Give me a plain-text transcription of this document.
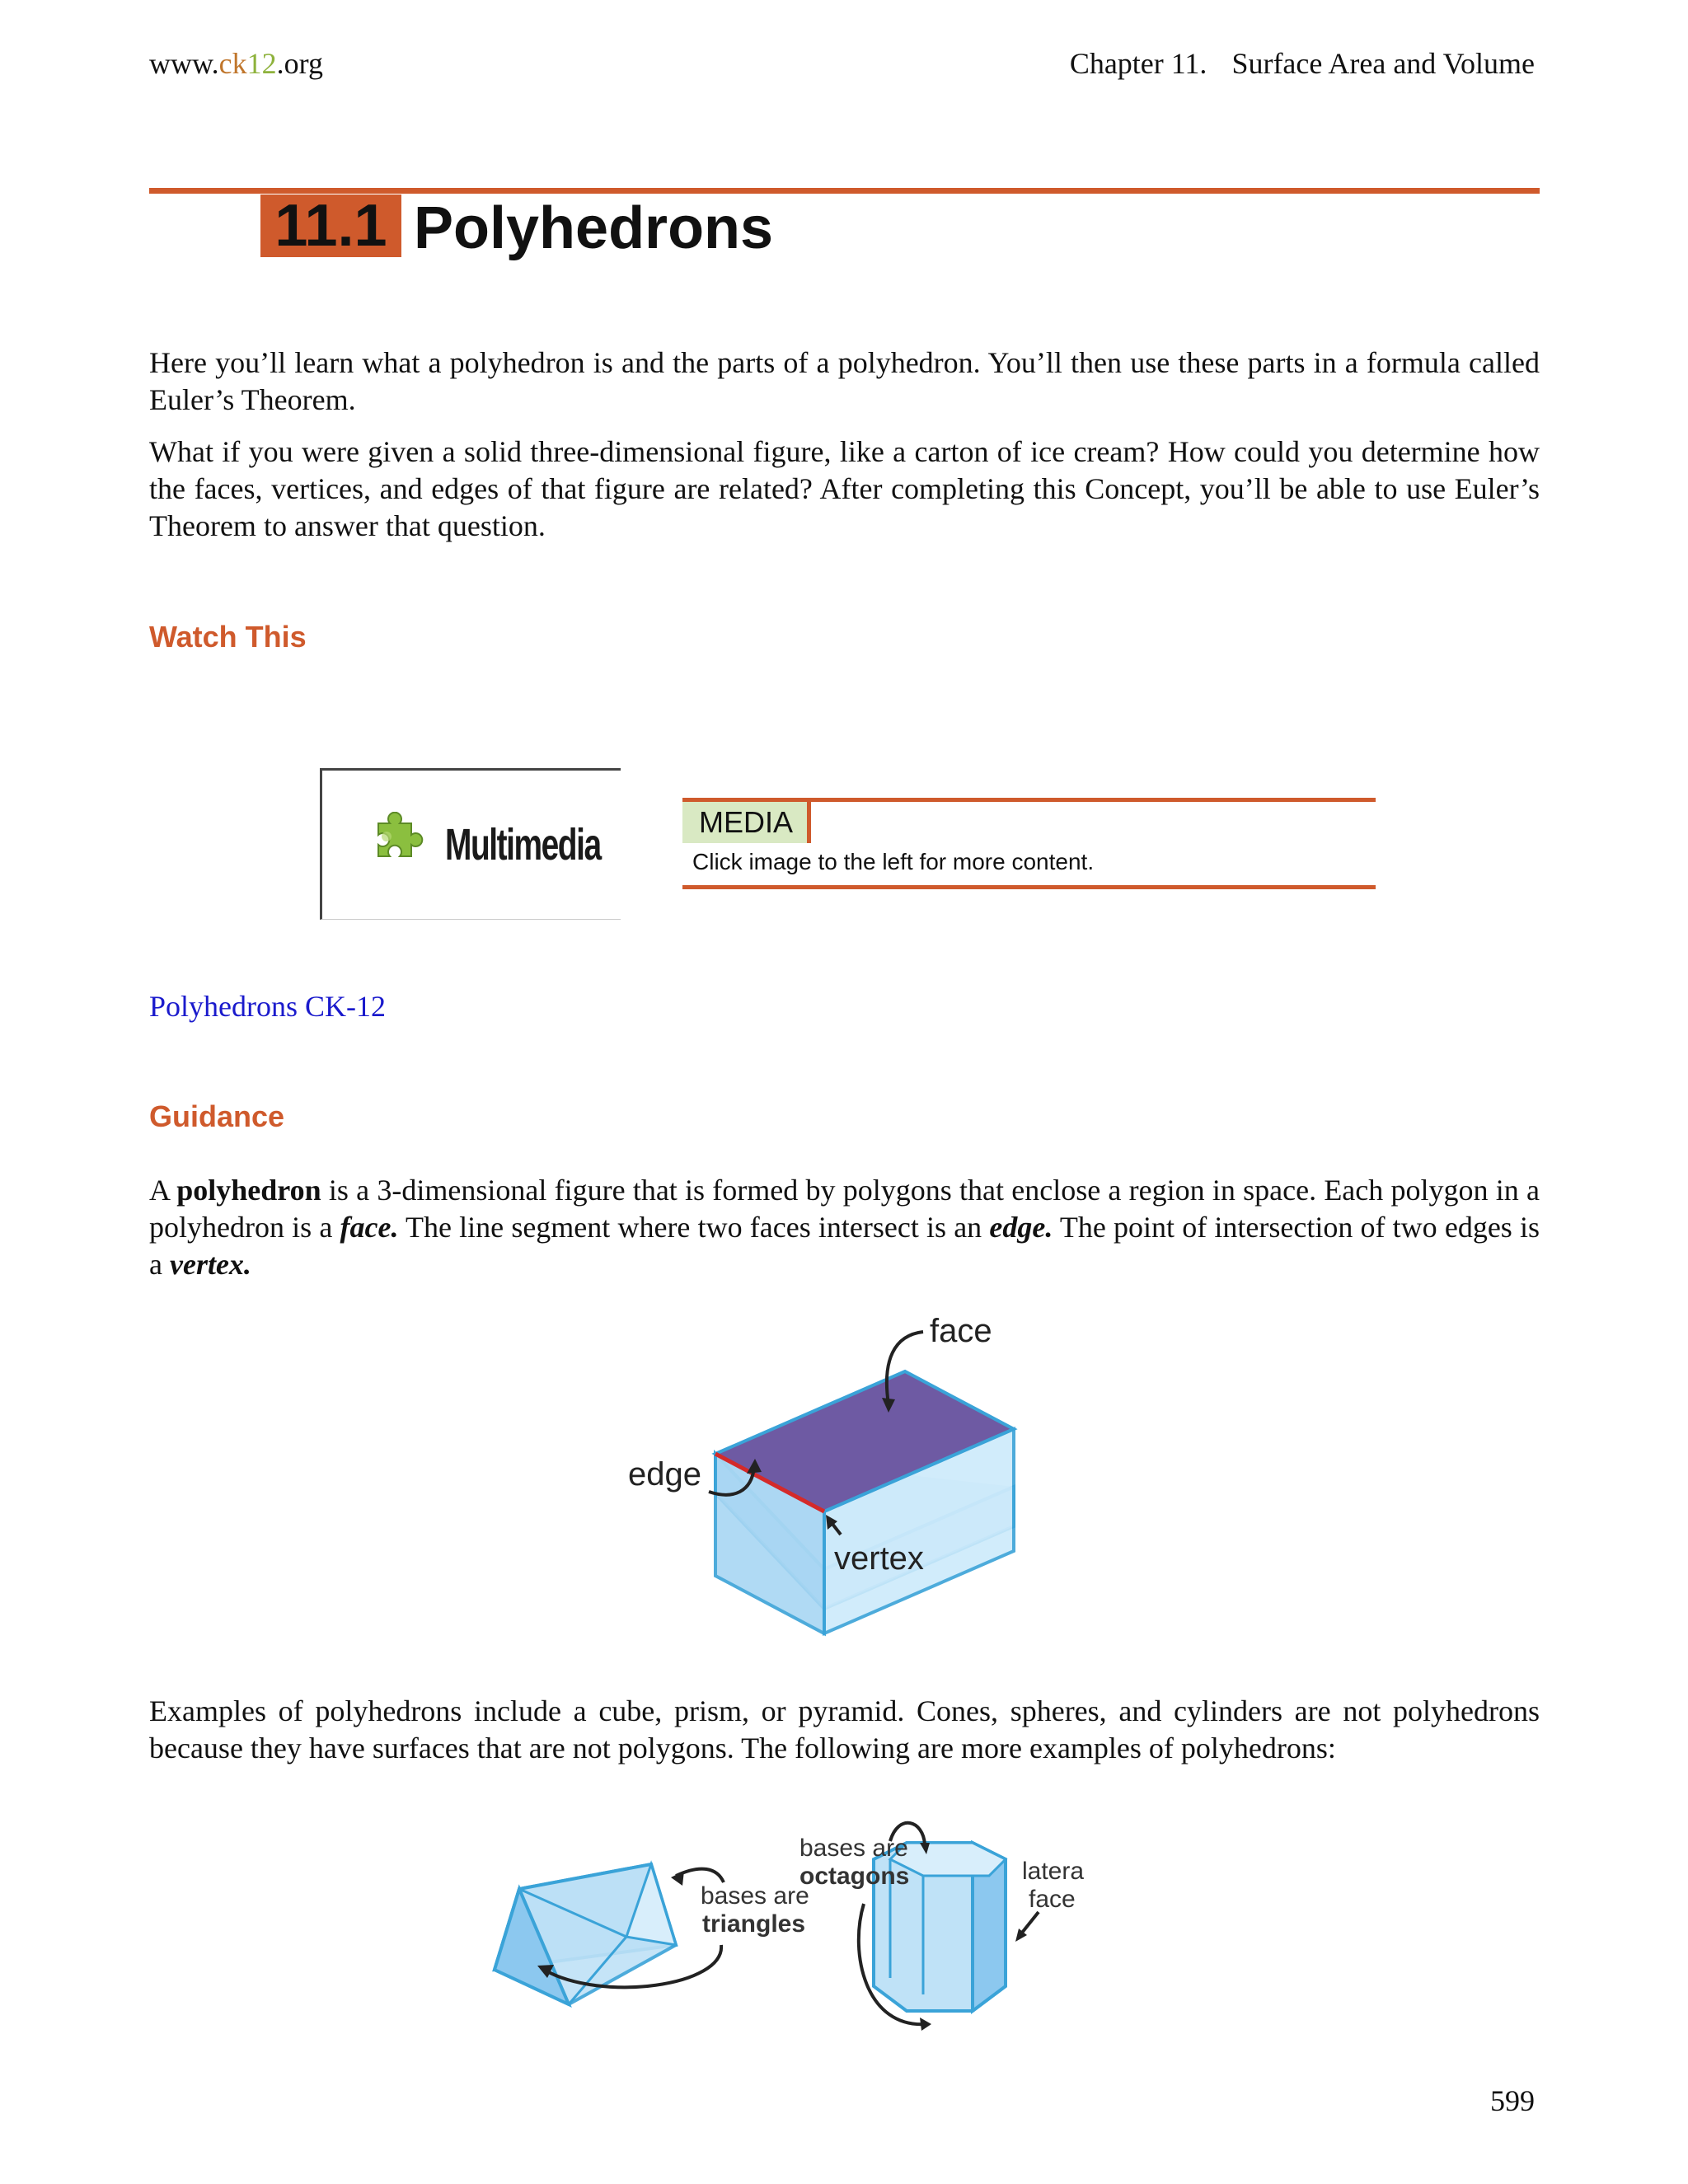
www.ck12.org	Chapter 11. Surface Area and Volume
11.1 Polyhedrons
Here you’ll learn what a polyhedron is and the parts of a polyhedron. You’ll then use these parts in a formula called Euler’s Theorem.
What if you were given a solid three-dimensional figure, like a carton of ice cream? How could you determine how the faces, vertices, and edges of that figure are related? After completing this Concept, you’ll be able to use Euler’s Theorem to answer that question.
Watch This
Multimedia	MEDIA
Click image to the left for more content.
Polyhedrons CK-12
Guidance
A polyhedron is a 3-dimensional figure that is formed by polygons that enclose a region in space. Each polygon in a polyhedron is a face. The line segment where two faces intersect is an edge. The point of intersection of two edges is a vertex.
face
edge
vertex
Examples of polyhedrons include a cube, prism, or pyramid. Cones, spheres, and cylinders are not polyhedrons because they have surfaces that are not polygons. The following are more examples of polyhedrons:
bases are
triangles
bases are
octagons	latera
face
599
